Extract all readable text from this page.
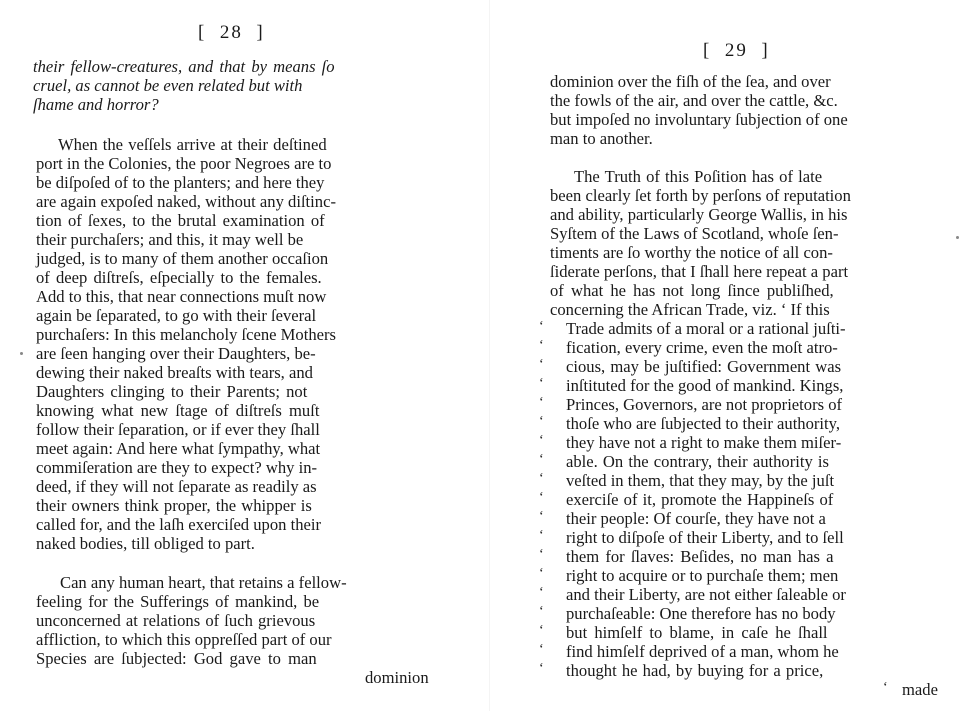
[  28  ]
their fellow-creatures, and that by means ſo
cruel, as cannot be even related but with
ſhame and horror?
When the veſſels arrive at their deſtined
port in the Colonies, the poor Negroes are to
be diſpoſed of to the planters; and here they
are again expoſed naked, without any diſtinc-
tion of ſexes, to the brutal examination of
their purchaſers; and this, it may well be
judged, is to many of them another occaſion
of deep diſtreſs, eſpecially to the females.
Add to this, that near connections muſt now
again be ſeparated, to go with their ſeveral
purchaſers: In this melancholy ſcene Mothers
are ſeen hanging over their Daughters, be-
dewing their naked breaſts with tears, and
Daughters clinging to their Parents; not
knowing what new ſtage of diſtreſs muſt
follow their ſeparation, or if ever they ſhall
meet again: And here what ſympathy, what
commiſeration are they to expect? why in-
deed, if they will not ſeparate as readily as
their owners think proper, the whipper is
called for, and the laſh exerciſed upon their
naked bodies, till obliged to part.
Can any human heart, that retains a fellow-
feeling for the Sufferings of mankind, be
unconcerned at relations of ſuch grievous
affliction, to which this oppreſſed part of our
Species are ſubjected: God gave to man
dominion
[  29  ]
dominion over the fiſh of the ſea, and over
the fowls of the air, and over the cattle, &c.
but impoſed no involuntary ſubjection of one
man to another.
The Truth of this Poſition has of late
been clearly ſet forth by perſons of reputation
and ability, particularly George Wallis, in his
Syſtem of the Laws of Scotland, whoſe ſen-
timents are ſo worthy the notice of all con-
ſiderate perſons, that I ſhall here repeat a part
of what he has not long ſince publiſhed,
concerning the African Trade, viz. ‘ If this
‘ Trade admits of a moral or a rational juſti-
‘ fication, every crime, even the moſt atro-
‘ cious, may be juſtified: Government was
‘ inſtituted for the good of mankind. Kings,
‘ Princes, Governors, are not proprietors of
‘ thoſe who are ſubjected to their authority,
‘ they have not a right to make them miſer-
‘ able. On the contrary, their authority is
‘ veſted in them, that they may, by the juſt
‘ exerciſe of it, promote the Happineſs of
‘ their people: Of courſe, they have not a
‘ right to diſpoſe of their Liberty, and to ſell
‘ them for ſlaves: Beſides, no man has a
‘ right to acquire or to purchaſe them; men
‘ and their Liberty, are not either ſaleable or
‘ purchaſeable: One therefore has no body
‘ but himſelf to blame, in caſe he ſhall
‘ find himſelf deprived of a man, whom he
‘ thought he had, by buying for a price,
‘ made
